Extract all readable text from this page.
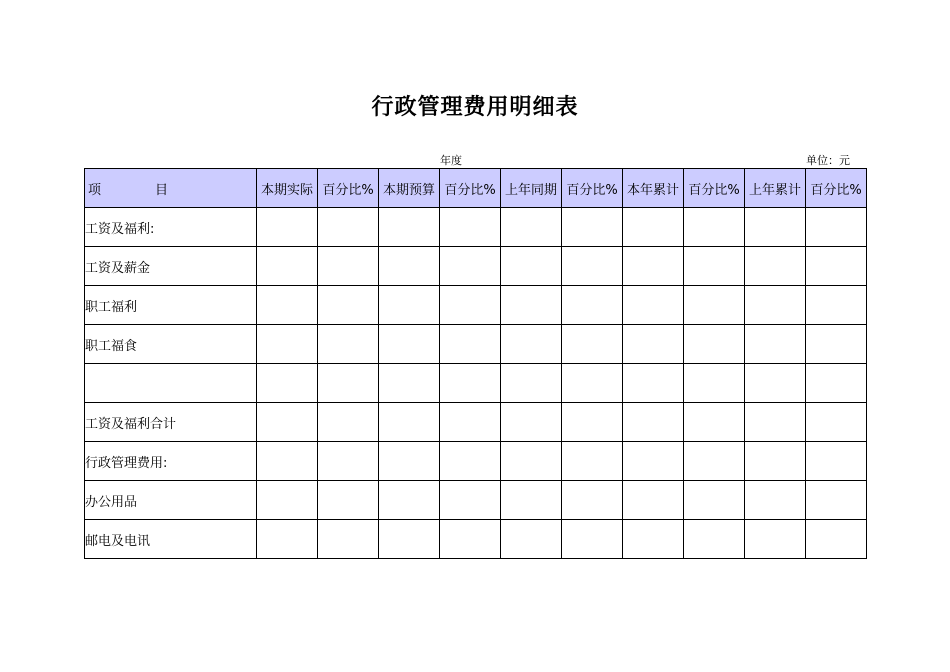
行政管理费用明细表
年度	单位：元
项 目	本期实际	百分比%	本期预算	百分比%	上年同期	百分比%	本年累计	百分比%	上年累计	百分比%
工资及福利:										
工资及薪金										
职工福利										
职工福食										

工资及福利合计										
行政管理费用:										
办公用品										
邮电及电讯										
